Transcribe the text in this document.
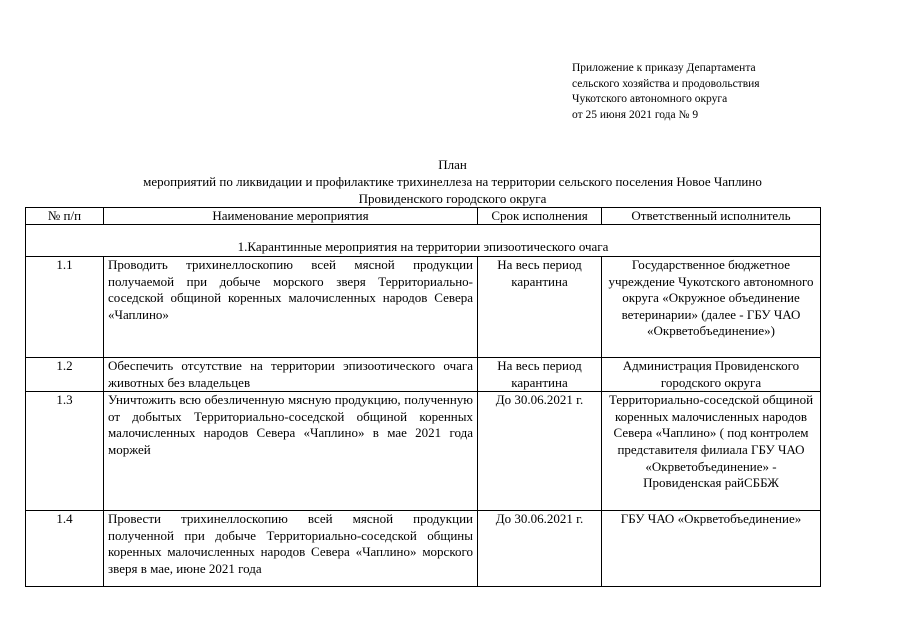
Приложение к приказу Департамента
сельского хозяйства и продовольствия
Чукотского автономного округа
от 25 июня 2021 года № 9
План
мероприятий по ликвидации и профилактике трихинеллеза на территории сельского поселения Новое Чаплино
Провиденского городского округа
№ п/п	Наименование мероприятия	Срок исполнения	Ответственный исполнитель
1.Карантинные мероприятия на территории эпизоотического очага			
1.1	Проводить трихинеллоскопию всей мясной продукции получаемой при добыче морского зверя Территориально-соседской общиной коренных малочисленных народов Севера «Чаплино»	На весь период карантина	Государственное бюджетное учреждение Чукотского автономного округа «Окружное объединение ветеринарии» (далее - ГБУ ЧАО «Окрветобъединение»)
1.2	Обеспечить отсутствие на территории эпизоотического очага животных без владельцев	На весь период карантина	Администрация Провиденского городского округа
1.3	Уничтожить всю обезличенную мясную продукцию, полученную от добытых Территориально-соседской общиной коренных малочисленных народов Севера «Чаплино» в мае 2021 года моржей	До 30.06.2021 г.	Территориально-соседской общиной коренных малочисленных народов Севера «Чаплино» ( под контролем представителя филиала ГБУ ЧАО «Окрветобъединение» - Провиденская райСББЖ
1.4	Провести трихинеллоскопию всей мясной продукции полученной при добыче Территориально-соседской общины коренных малочисленных народов Севера «Чаплино» морского зверя в мае, июне 2021 года	До 30.06.2021 г.	ГБУ ЧАО «Окрветобъединение»
